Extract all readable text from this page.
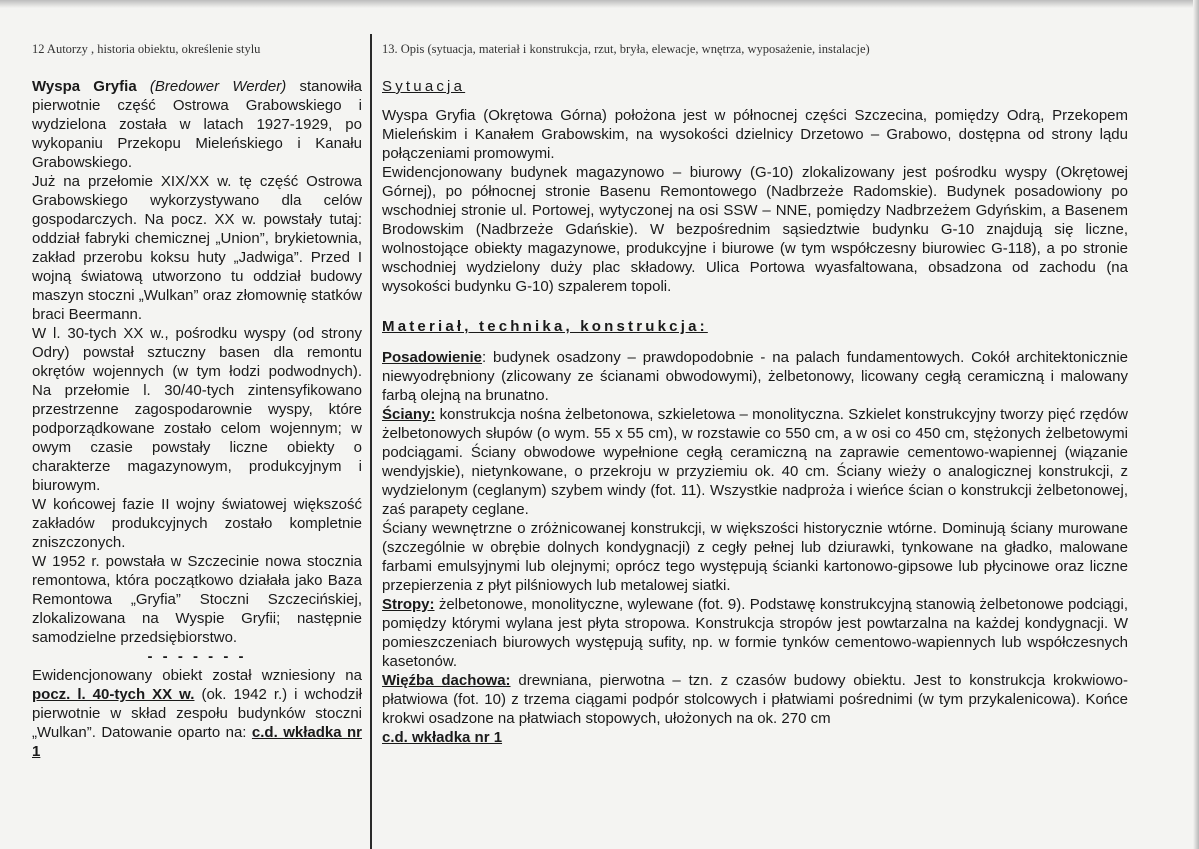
12 Autorzy , historia obiektu, określenie stylu

Wyspa Gryfia (Bredower Werder) stanowiła pierwotnie część Ostrowa Grabowskiego i wydzielona została w latach 1927-1929, po wykopaniu Przekopu Mieleńskiego i Kanału Grabowskiego.

Już na przełomie XIX/XX w. tę część Ostrowa Grabowskiego wykorzystywano dla celów gospodarczych. Na pocz. XX w. powstały tutaj: oddział fabryki chemicznej „Union”, brykietownia, zakład przerobu koksu huty „Jadwiga”. Przed I wojną światową utworzono tu oddział budowy maszyn stoczni „Wulkan” oraz złomownię statków braci Beermann.

W l. 30-tych XX w., pośrodku wyspy (od strony Odry) powstał sztuczny basen dla remontu okrętów wojennych (w tym łodzi podwodnych). Na przełomie l. 30/40-tych zintensyfikowano przestrzenne zagospodarownie wyspy, które podporządkowane zostało celom wojennym; w owym czasie powstały liczne obiekty o charakterze magazynowym, produkcyjnym i biurowym.

W końcowej fazie II wojny światowej większość zakładów produkcyjnych zostało kompletnie zniszczonych.

W 1952 r. powstała w Szczecinie nowa stocznia remontowa, która początkowo działała jako Baza Remontowa „Gryfia” Stoczni Szczecińskiej, zlokalizowana na Wyspie Gryfii; następnie samodzielne przedsiębiorstwo.

- - - - - - -

Ewidencjonowany obiekt został wzniesiony na pocz. l. 40-tych XX w. (ok. 1942 r.) i wchodził pierwotnie w skład zespołu budynków stoczni „Wulkan”. Datowanie oparto na: c.d. wkładka nr 1

13. Opis (sytuacja, materiał i konstrukcja, rzut, bryła, elewacje, wnętrza, wyposażenie, instalacje)

Sytuacja

Wyspa Gryfia (Okrętowa Górna) położona jest w północnej części Szczecina, pomiędzy Odrą, Przekopem Mieleńskim i Kanałem Grabowskim, na wysokości dzielnicy Drzetowo – Grabowo, dostępna od strony lądu połączeniami promowymi.

Ewidencjonowany budynek magazynowo – biurowy (G-10) zlokalizowany jest pośrodku wyspy (Okrętowej Górnej), po północnej stronie Basenu Remontowego (Nadbrzeże Radomskie). Budynek posadowiony po wschodniej stronie ul. Portowej, wytyczonej na osi SSW – NNE, pomiędzy Nadbrzeżem Gdyńskim, a Basenem Brodowskim (Nadbrzeże Gdańskie). W bezpośrednim sąsiedztwie budynku G-10 znajdują się liczne, wolnostojące obiekty magazynowe, produkcyjne i biurowe (w tym współczesny biurowiec G-118), a po stronie wschodniej wydzielony duży plac składowy. Ulica Portowa wyasfaltowana, obsadzona od zachodu (na wysokości budynku G-10) szpalerem topoli.

Materiał, technika, konstrukcja:

Posadowienie: budynek osadzony – prawdopodobnie - na palach fundamentowych. Cokół architektonicznie niewyodrębniony (zlicowany ze ścianami obwodowymi), żelbetonowy, licowany cegłą ceramiczną i malowany farbą olejną na brunatno.

Ściany: konstrukcja nośna żelbetonowa, szkieletowa – monolityczna. Szkielet konstrukcyjny tworzy pięć rzędów żelbetonowych słupów (o wym. 55 x 55 cm), w rozstawie co 550 cm, a w osi co 450 cm, stężonych żelbetowymi podciągami. Ściany obwodowe wypełnione cegłą ceramiczną na zaprawie cementowo-wapiennej (wiązanie wendyjskie), nietynkowane, o przekroju w przyziemiu ok. 40 cm. Ściany wieży o analogicznej konstrukcji, z wydzielonym (ceglanym) szybem windy (fot. 11). Wszystkie nadproża i wieńce ścian o konstrukcji żelbetonowej, zaś parapety ceglane.

Ściany wewnętrzne o zróżnicowanej konstrukcji, w większości historycznie wtórne. Dominują ściany murowane (szczególnie w obrębie dolnych kondygnacji) z cegły pełnej lub dziurawki, tynkowane na gładko, malowane farbami emulsyjnymi lub olejnymi; oprócz tego występują ścianki kartonowo-gipsowe lub płycinowe oraz liczne przepierzenia z płyt pilśniowych lub metalowej siatki.

Stropy: żelbetonowe, monolityczne, wylewane (fot. 9). Podstawę konstrukcyjną stanowią żelbetonowe podciągi, pomiędzy którymi wylana jest płyta stropowa. Konstrukcja stropów jest powtarzalna na każdej kondygnacji. W pomieszczeniach biurowych występują sufity, np. w formie tynków cementowo-wapiennych lub współczesnych kasetonów.

Więźba dachowa: drewniana, pierwotna – tzn. z czasów budowy obiektu. Jest to konstrukcja krokwiowo-płatwiowa (fot. 10) z trzema ciągami podpór stolcowych i płatwiami pośrednimi (w tym przykalenicowa). Końce krokwi osadzone na płatwiach stopowych, ułożonych na ok. 270 cm

c.d. wkładka nr 1
